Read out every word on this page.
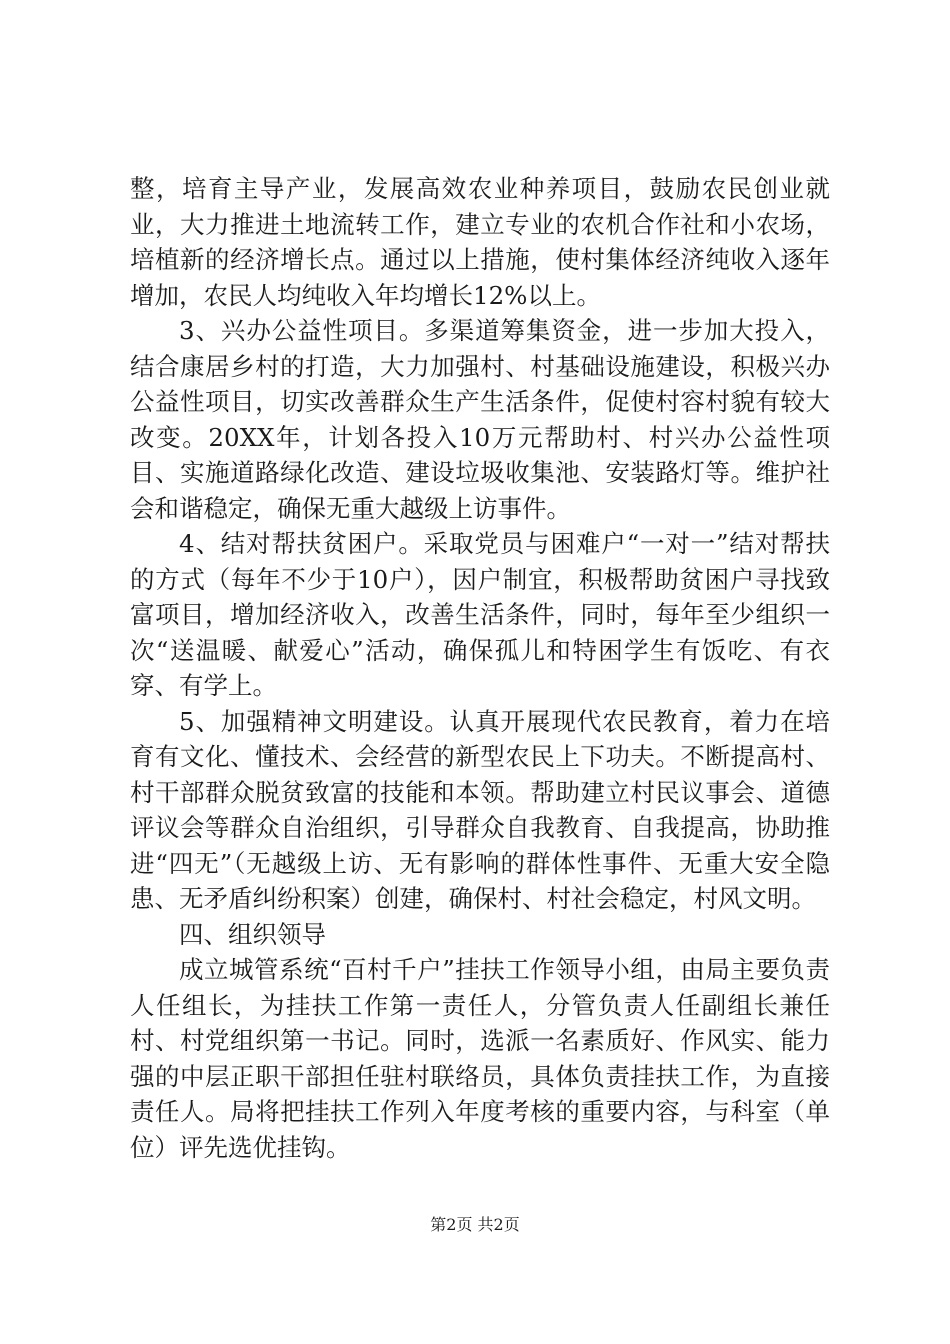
整，培育主导产业，发展高效农业种养项目，鼓励农民创业就业，大力推进土地流转工作，建立专业的农机合作社和小农场，培植新的经济增长点。通过以上措施，使村集体经济纯收入逐年增加，农民人均纯收入年均增长12%以上。

3、兴办公益性项目。多渠道筹集资金，进一步加大投入，结合康居乡村的打造，大力加强村、村基础设施建设，积极兴办公益性项目，切实改善群众生产生活条件，促使村容村貌有较大改变。20XX年，计划各投入10万元帮助村、村兴办公益性项目、实施道路绿化改造、建设垃圾收集池、安装路灯等。维护社会和谐稳定，确保无重大越级上访事件。

4、结对帮扶贫困户。采取党员与困难户“一对一”结对帮扶的方式（每年不少于10户），因户制宜，积极帮助贫困户寻找致富项目，增加经济收入，改善生活条件，同时，每年至少组织一次“送温暖、献爱心”活动，确保孤儿和特困学生有饭吃、有衣穿、有学上。

5、加强精神文明建设。认真开展现代农民教育，着力在培育有文化、懂技术、会经营的新型农民上下功夫。不断提高村、村干部群众脱贫致富的技能和本领。帮助建立村民议事会、道德评议会等群众自治组织，引导群众自我教育、自我提高，协助推进“四无”（无越级上访、无有影响的群体性事件、无重大安全隐患、无矛盾纠纷积案）创建，确保村、村社会稳定，村风文明。

四、组织领导

成立城管系统“百村千户”挂扶工作领导小组，由局主要负责人任组长，为挂扶工作第一责任人，分管负责人任副组长兼任村、村党组织第一书记。同时，选派一名素质好、作风实、能力强的中层正职干部担任驻村联络员，具体负责挂扶工作，为直接责任人。局将把挂扶工作列入年度考核的重要内容，与科室（单位）评先选优挂钩。

第2页 共2页
